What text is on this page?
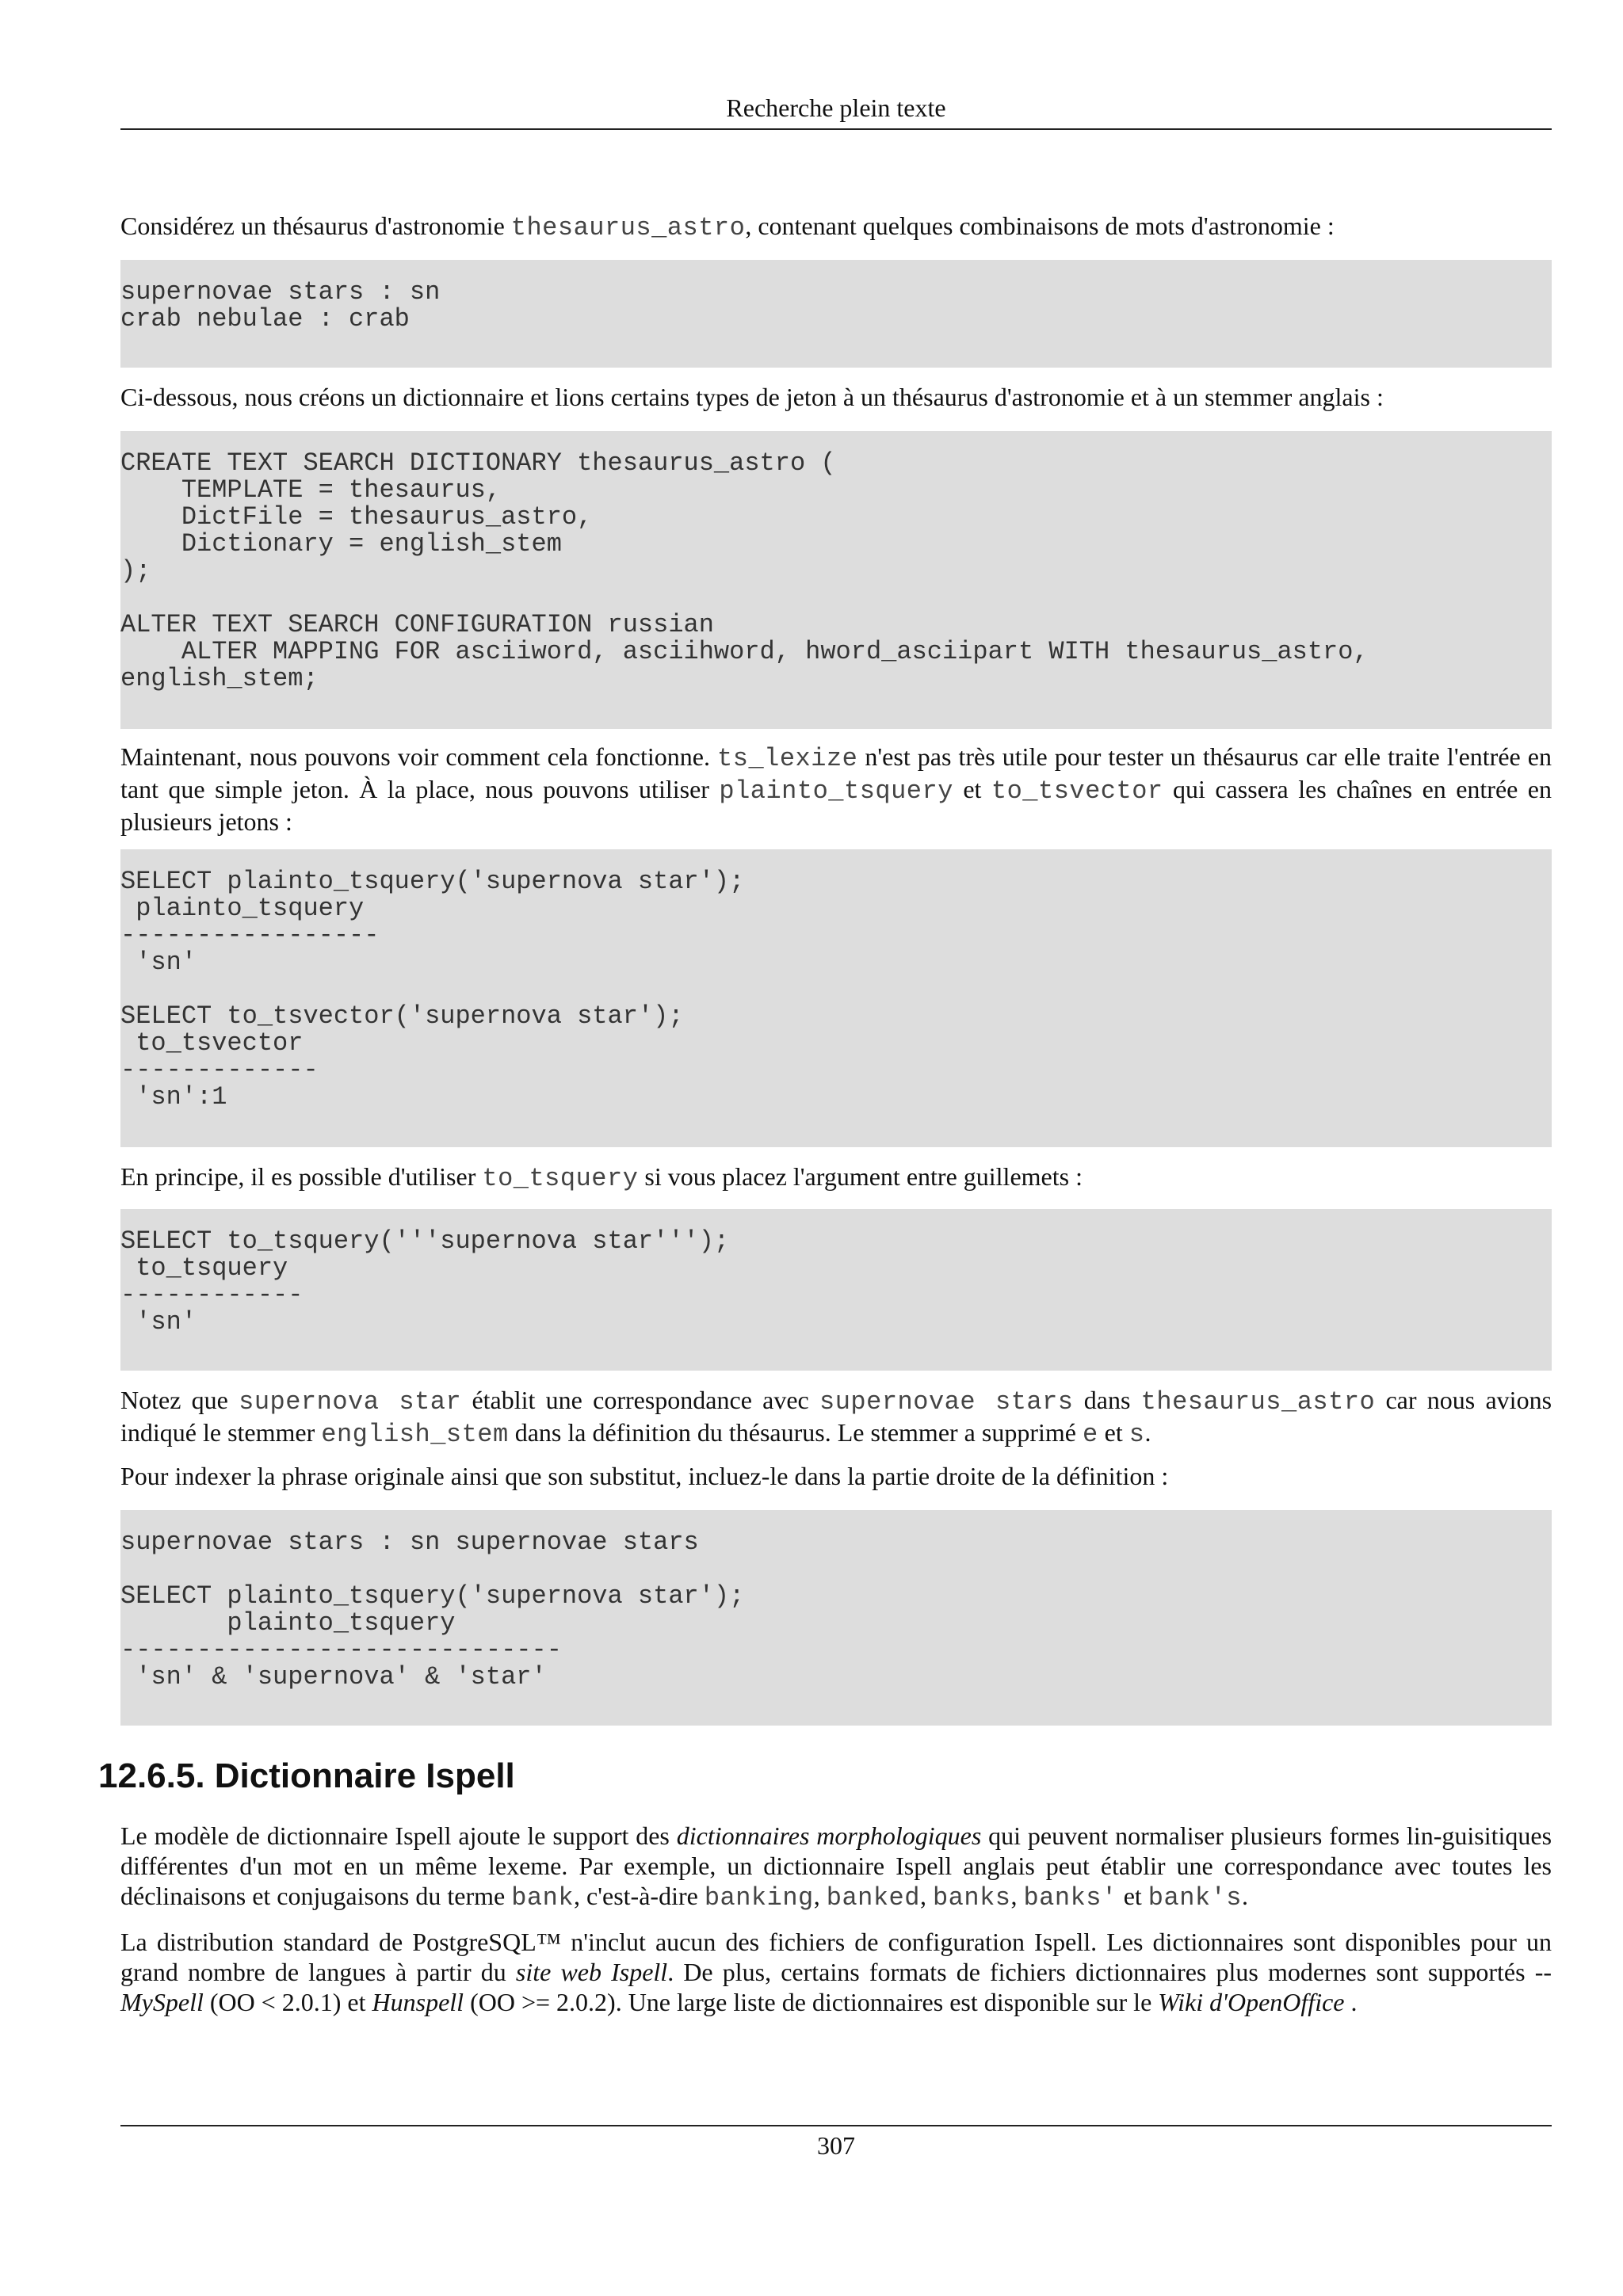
Recherche plein texte

Considérez un thésaurus d'astronomie thesaurus_astro, contenant quelques combinaisons de mots d'astronomie :

supernovae stars : sn
crab nebulae : crab

Ci-dessous, nous créons un dictionnaire et lions certains types de jeton à un thésaurus d'astronomie et à un stemmer anglais :

CREATE TEXT SEARCH DICTIONARY thesaurus_astro (
TEMPLATE = thesaurus,
DictFile = thesaurus_astro,
Dictionary = english_stem
);
ALTER TEXT SEARCH CONFIGURATION russian
ALTER MAPPING FOR asciiword, asciihword, hword_asciipart WITH thesaurus_astro,
english_stem;

Maintenant, nous pouvons voir comment cela fonctionne. ts_lexize n'est pas très utile pour tester un thésaurus car elle traite l'entrée en tant que simple jeton. À la place, nous pouvons utiliser plainto_tsquery et to_tsvector qui cassera les chaînes en entrée en plusieurs jetons :

SELECT plainto_tsquery('supernova star');
plainto_tsquery
-----------------
'sn'
SELECT to_tsvector('supernova star');
to_tsvector
-------------
'sn':1

En principe, il es possible d'utiliser to_tsquery si vous placez l'argument entre guillemets :

SELECT to_tsquery('''supernova star''');
to_tsquery
------------
'sn'

Notez que supernova star établit une correspondance avec supernovae stars dans thesaurus_astro car nous avions indiqué le stemmer english_stem dans la définition du thésaurus. Le stemmer a supprimé e et s.

Pour indexer la phrase originale ainsi que son substitut, incluez-le dans la partie droite de la définition :

supernovae stars : sn supernovae stars
SELECT plainto_tsquery('supernova star');
plainto_tsquery
-----------------------------
'sn' & 'supernova' & 'star'
12.6.5. Dictionnaire Ispell

Le modèle de dictionnaire Ispell ajoute le support des dictionnaires morphologiques qui peuvent normaliser plusieurs formes lin-guisitiques différentes d'un mot en un même lexeme. Par exemple, un dictionnaire Ispell anglais peut établir une correspondance avec toutes les déclinaisons et conjugaisons du terme bank, c'est-à-dire banking, banked, banks, banks' et bank's.

La distribution standard de PostgreSQL™ n'inclut aucun des fichiers de configuration Ispell. Les dictionnaires sont disponibles pour un grand nombre de langues à partir du site web Ispell. De plus, certains formats de fichiers dictionnaires plus modernes sont supportés -- MySpell (OO < 2.0.1) et Hunspell (OO >= 2.0.2). Une large liste de dictionnaires est disponible sur le Wiki d'OpenOffice .

307
